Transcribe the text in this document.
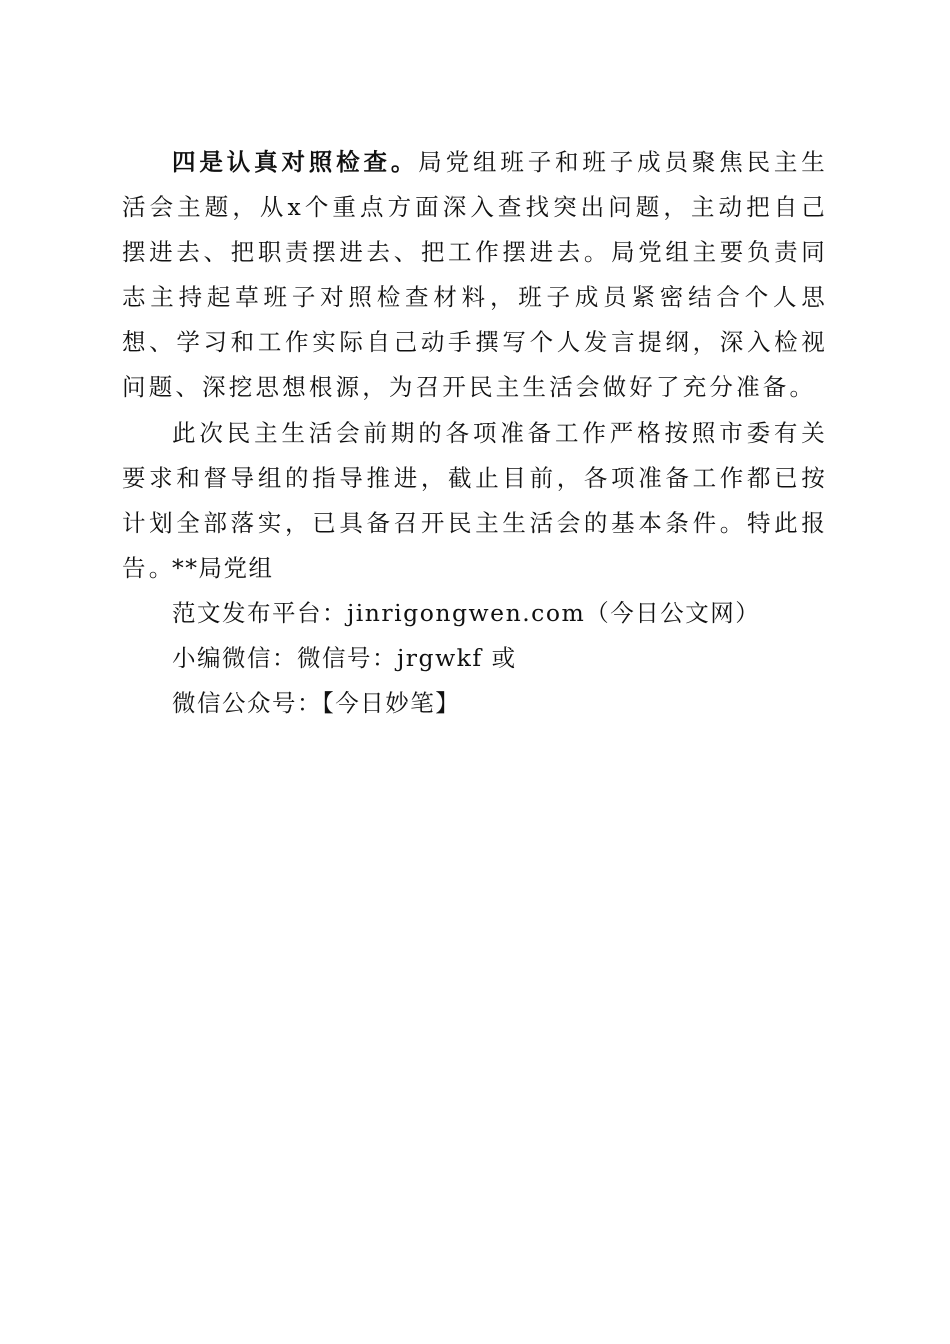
四是认真对照检查。局党组班子和班子成员聚焦民主生活会主题，从x个重点方面深入查找突出问题，主动把自己摆进去、把职责摆进去、把工作摆进去。局党组主要负责同志主持起草班子对照检查材料，班子成员紧密结合个人思想、学习和工作实际自己动手撰写个人发言提纲，深入检视问题、深挖思想根源，为召开民主生活会做好了充分准备。

此次民主生活会前期的各项准备工作严格按照市委有关要求和督导组的指导推进，截止目前，各项准备工作都已按计划全部落实，已具备召开民主生活会的基本条件。特此报告。

**局党组

范文发布平台：jinrigongwen.com（今日公文网）

小编微信：微信号：jrgwkf 或

微信公众号：【今日妙笔】
